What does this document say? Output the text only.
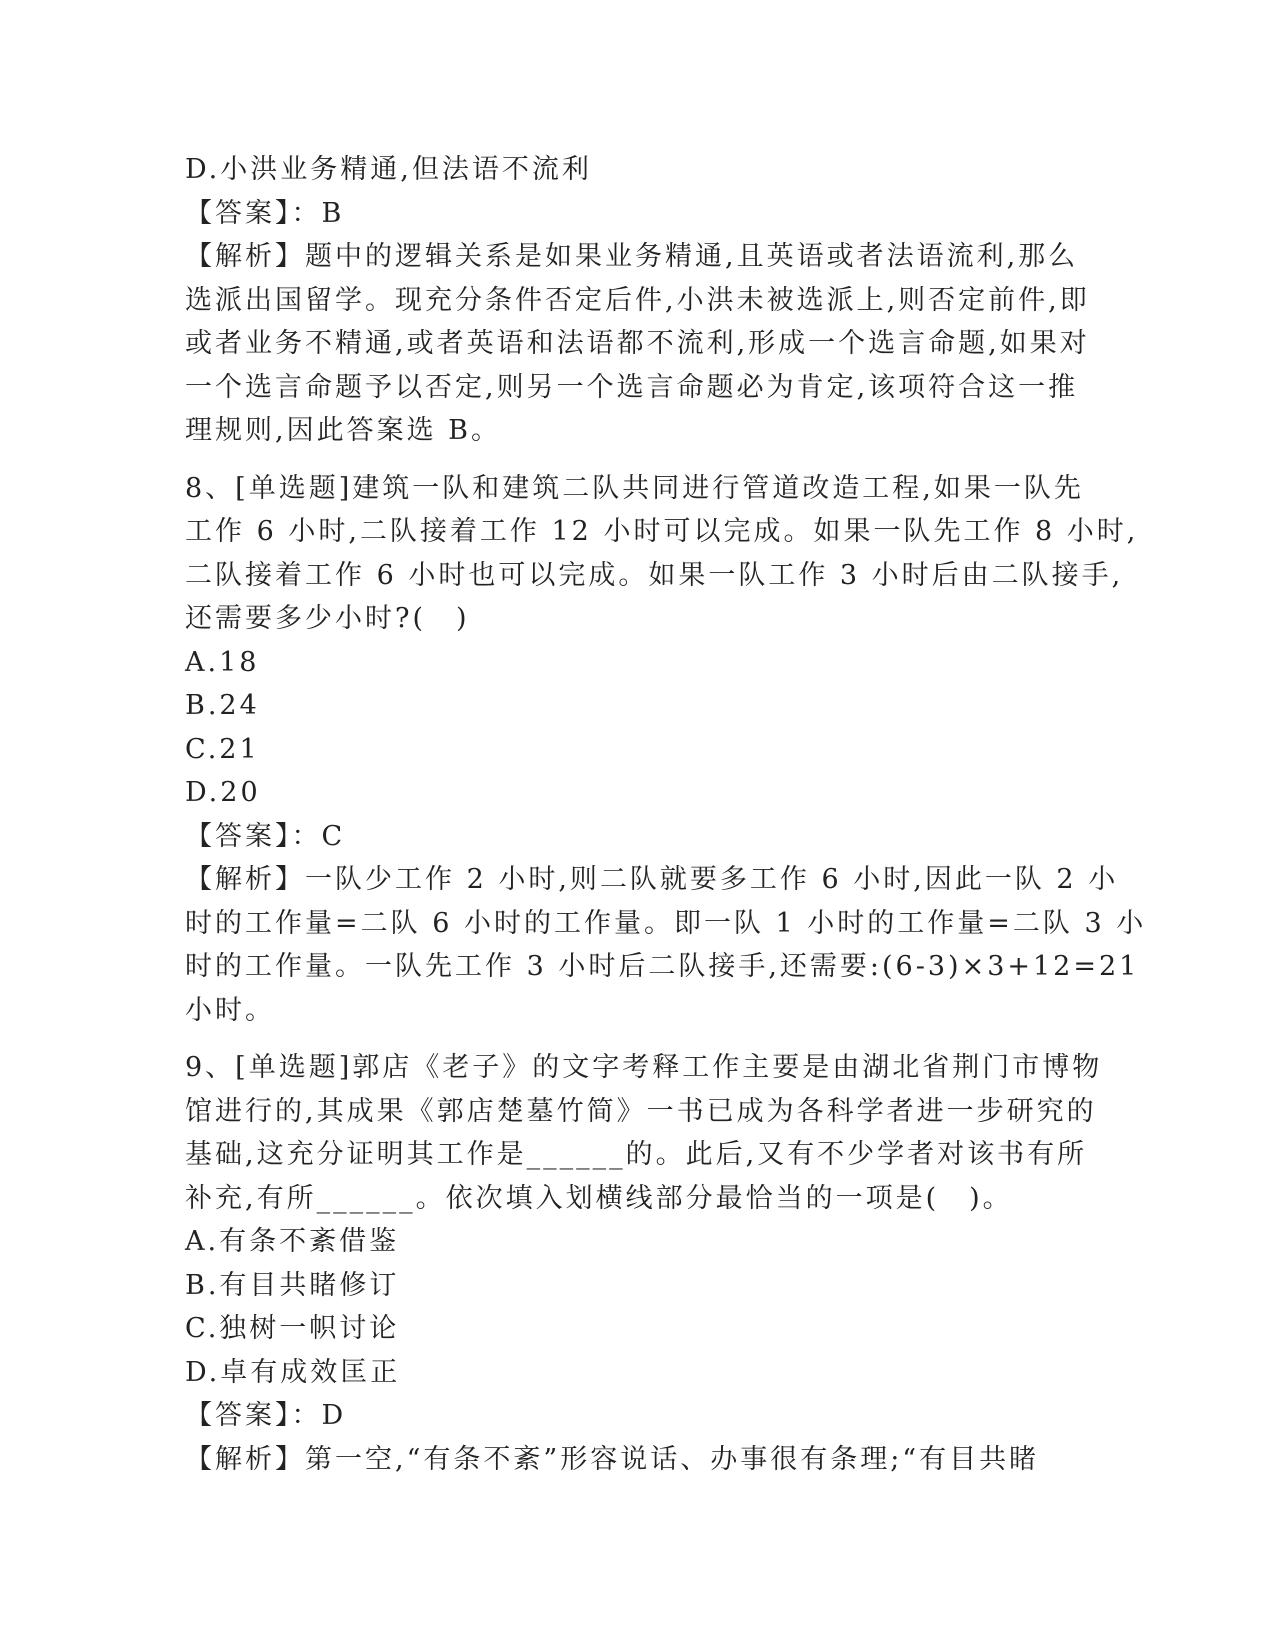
D.小洪业务精通,但法语不流利

【答案】：B

【解析】题中的逻辑关系是如果业务精通,且英语或者法语流利,那么

选派出国留学。现充分条件否定后件,小洪未被选派上,则否定前件,即

或者业务不精通,或者英语和法语都不流利,形成一个选言命题,如果对

一个选言命题予以否定,则另一个选言命题必为肯定,该项符合这一推

理规则,因此答案选 B。

8、[单选题]建筑一队和建筑二队共同进行管道改造工程,如果一队先

工作 6 小时,二队接着工作 12 小时可以完成。如果一队先工作 8 小时,

二队接着工作 6 小时也可以完成。如果一队工作 3 小时后由二队接手,

还需要多少小时?(　)

A.18

B.24

C.21

D.20

【答案】：C

【解析】一队少工作 2 小时,则二队就要多工作 6 小时,因此一队 2 小

时的工作量=二队 6 小时的工作量。即一队 1 小时的工作量=二队 3 小

时的工作量。一队先工作 3 小时后二队接手,还需要:(6-3)×3+12=21

小时。

9、[单选题]郭店《老子》的文字考释工作主要是由湖北省荆门市博物

馆进行的,其成果《郭店楚墓竹简》一书已成为各科学者进一步研究的

基础,这充分证明其工作是______的。此后,又有不少学者对该书有所

补充,有所______。依次填入划横线部分最恰当的一项是(　)。

A.有条不紊借鉴

B.有目共睹修订

C.独树一帜讨论

D.卓有成效匡正

【答案】：D

【解析】第一空,“有条不紊”形容说话、办事很有条理;“有目共睹
